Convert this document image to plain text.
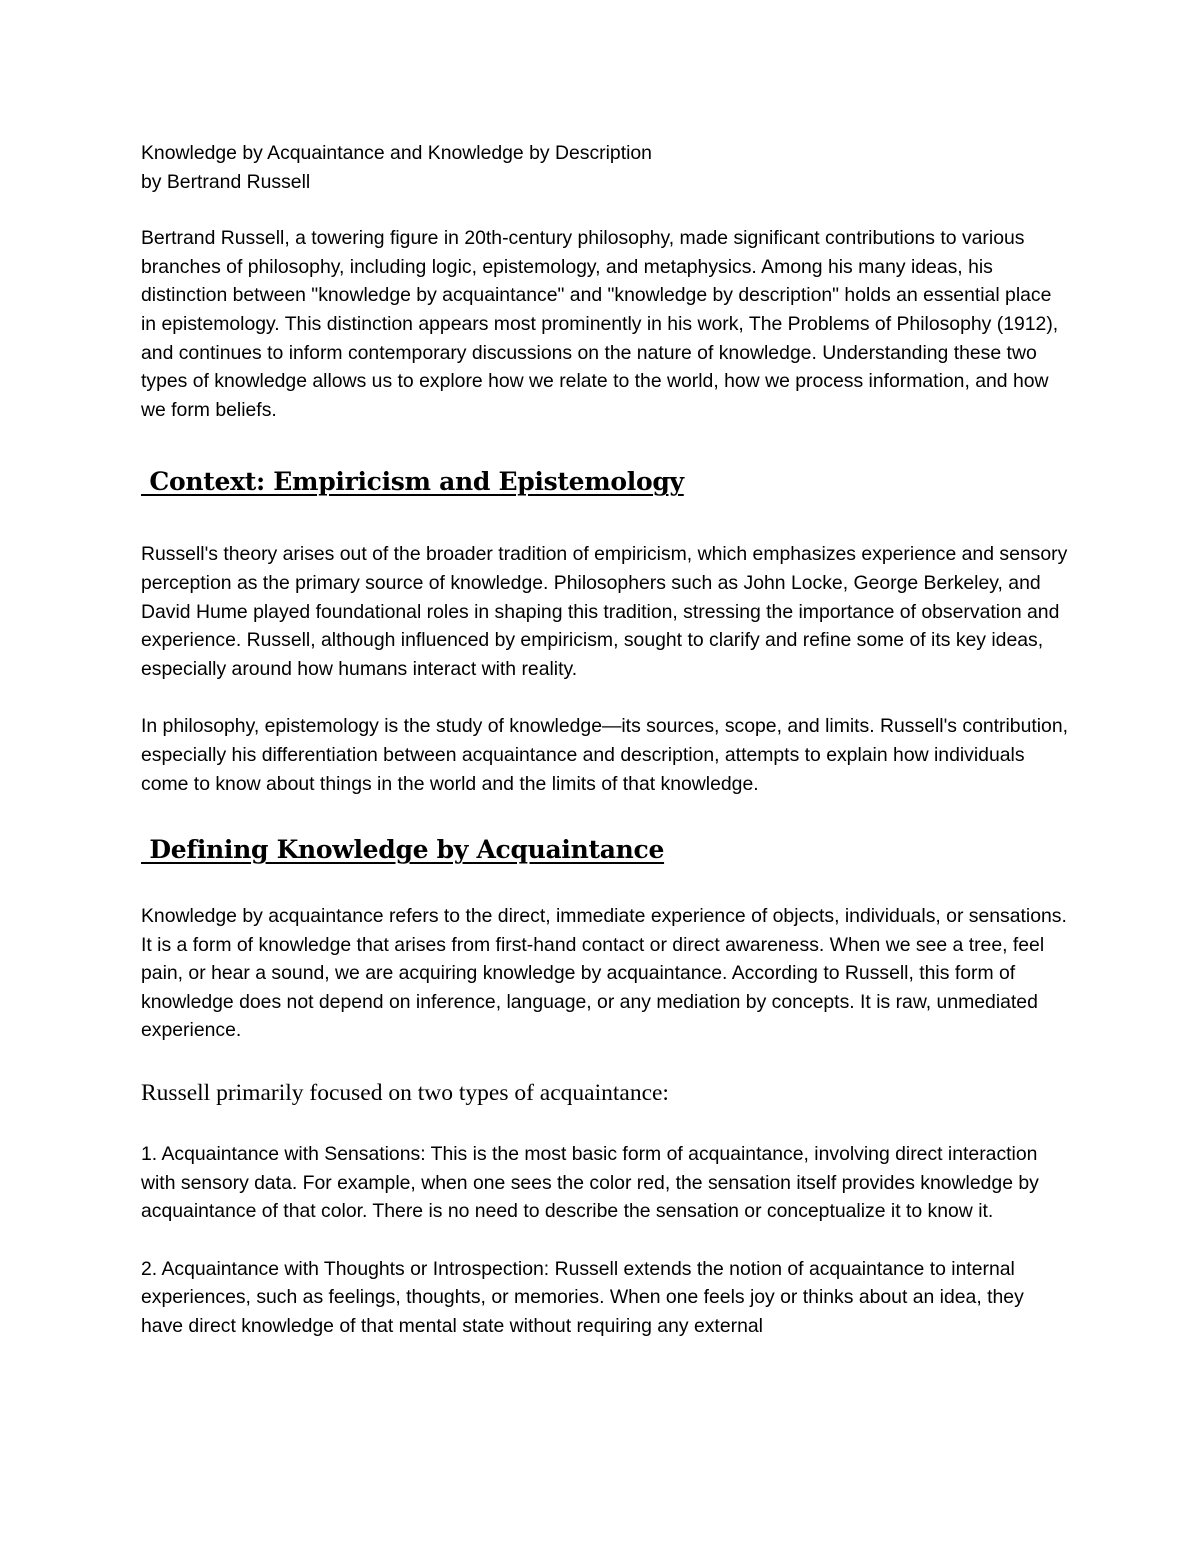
Knowledge by Acquaintance and Knowledge by Description
by Bertrand Russell

Bertrand Russell, a towering figure in 20th-century philosophy, made significant contributions to various branches of philosophy, including logic, epistemology, and metaphysics. Among his many ideas, his distinction between "knowledge by acquaintance" and "knowledge by description" holds an essential place in epistemology. This distinction appears most prominently in his work, The Problems of Philosophy (1912), and continues to inform contemporary discussions on the nature of knowledge. Understanding these two types of knowledge allows us to explore how we relate to the world, how we process information, and how we form beliefs.

Context: Empiricism and Epistemology

Russell's theory arises out of the broader tradition of empiricism, which emphasizes experience and sensory perception as the primary source of knowledge. Philosophers such as John Locke, George Berkeley, and David Hume played foundational roles in shaping this tradition, stressing the importance of observation and experience. Russell, although influenced by empiricism, sought to clarify and refine some of its key ideas, especially around how humans interact with reality.

In philosophy, epistemology is the study of knowledge—its sources, scope, and limits. Russell's contribution, especially his differentiation between acquaintance and description, attempts to explain how individuals come to know about things in the world and the limits of that knowledge.

Defining Knowledge by Acquaintance

Knowledge by acquaintance refers to the direct, immediate experience of objects, individuals, or sensations. It is a form of knowledge that arises from first-hand contact or direct awareness. When we see a tree, feel pain, or hear a sound, we are acquiring knowledge by acquaintance. According to Russell, this form of knowledge does not depend on inference, language, or any mediation by concepts. It is raw, unmediated experience.

Russell primarily focused on two types of acquaintance:

1. Acquaintance with Sensations: This is the most basic form of acquaintance, involving direct interaction with sensory data. For example, when one sees the color red, the sensation itself provides knowledge by acquaintance of that color. There is no need to describe the sensation or conceptualize it to know it.

2. Acquaintance with Thoughts or Introspection: Russell extends the notion of acquaintance to internal experiences, such as feelings, thoughts, or memories. When one feels joy or thinks about an idea, they have direct knowledge of that mental state without requiring any external
